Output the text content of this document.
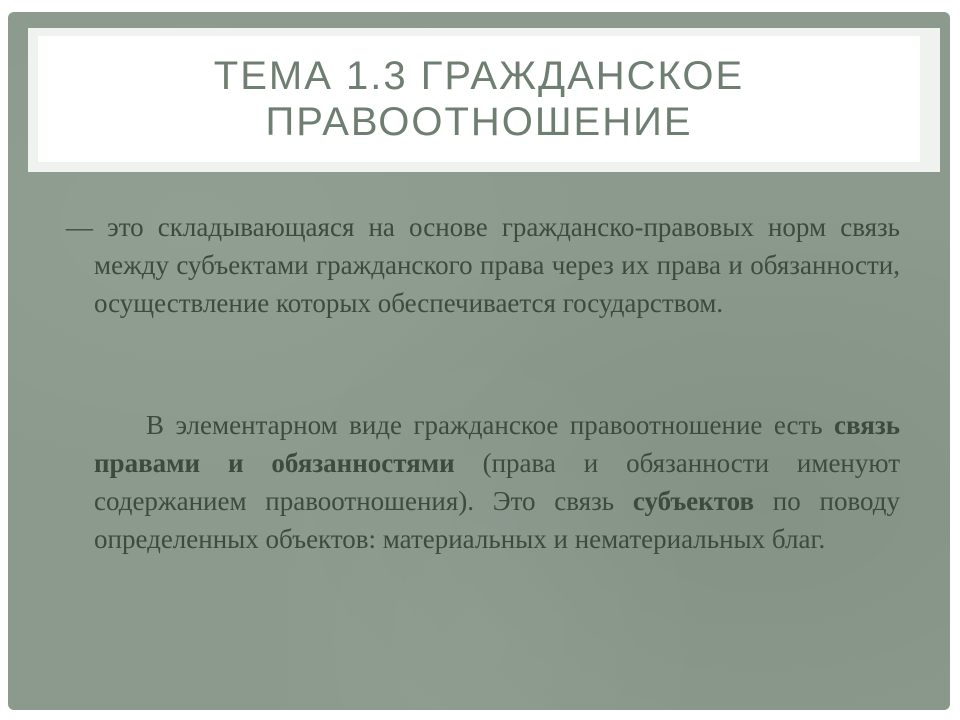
ТЕМА 1.3 ГРАЖДАНСКОЕ
ПРАВООТНОШЕНИЕ

— это складывающаяся на основе гражданско-правовых норм связь между субъектами гражданского права через их права и обязанности, осуществление которых обеспечивается государством.

В элементарном виде гражданское правоотношение есть связь правами и обязанностями (права и обязанности именуют содержанием правоотношения). Это связь субъектов по поводу определенных объектов: материальных и нематериальных благ.
